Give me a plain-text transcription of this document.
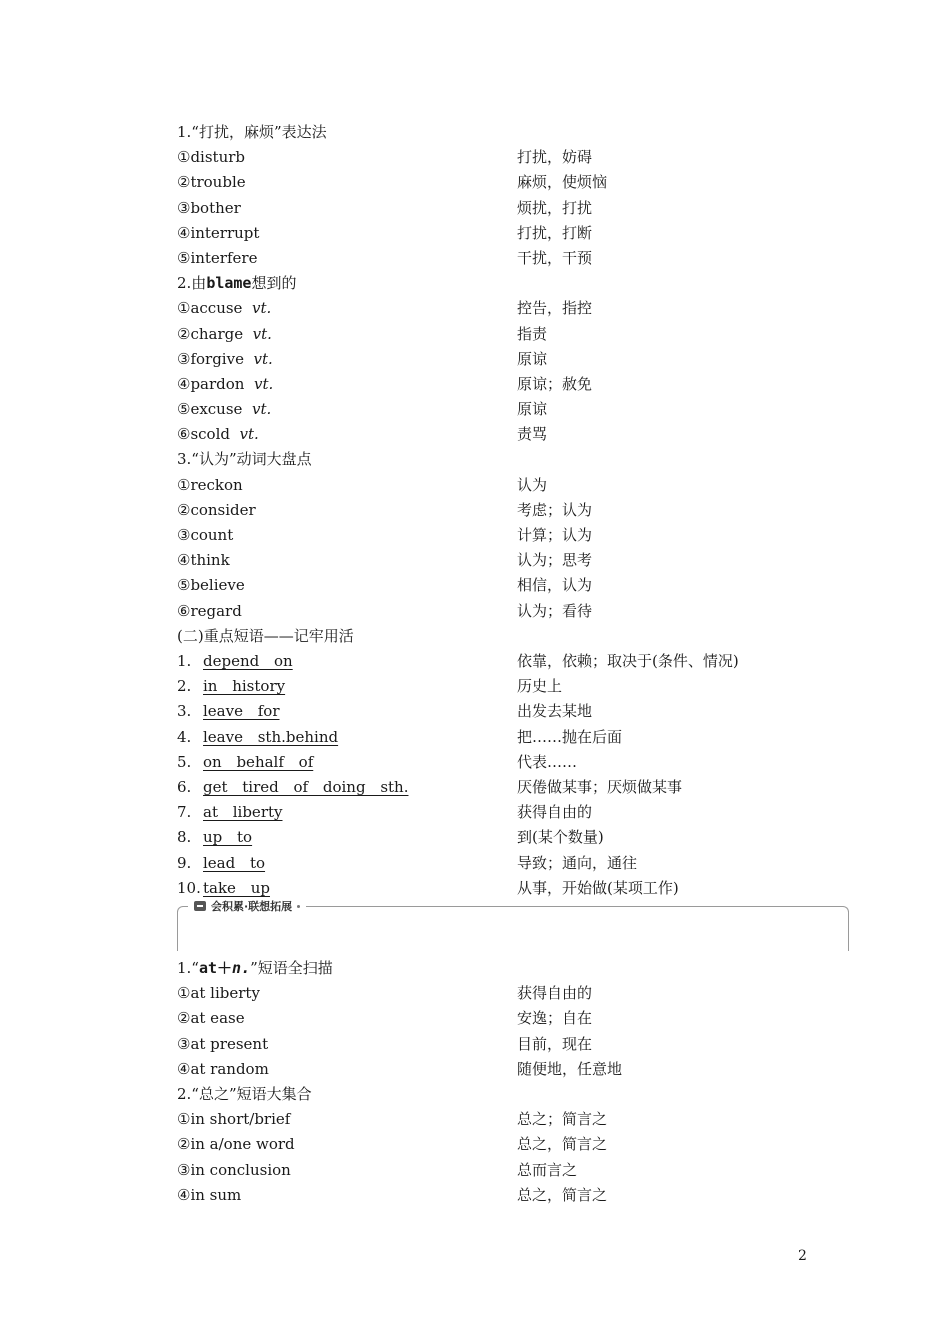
1.“打扰，麻烦”表达法
①disturb	打扰，妨碍
②trouble	麻烦，使烦恼
③bother	烦扰，打扰
④interrupt	打扰，打断
⑤interfere	干扰，干预
2.由blame想到的
①accuse vt.	控告，指控
②charge vt.	指责
③forgive vt.	原谅
④pardon vt.	原谅；赦免
⑤excuse vt.	原谅
⑥scold vt.	责骂
3.“认为”动词大盘点
①reckon	认为
②consider	考虑；认为
③count	计算；认为
④think	认为；思考
⑤believe	相信，认为
⑥regard	认为；看待
(二)重点短语——记牢用活
1. depend on	依靠，依赖；取决于(条件、情况)
2. in history	历史上
3. leave for	出发去某地
4. leave sth.behind	把……抛在后面
5. on behalf of	代表……
6. get tired of doing sth.	厌倦做某事；厌烦做某事
7. at liberty	获得自由的
8. up to	到(某个数量)
9. lead to	导致；通向，通往
10. take up	从事，开始做(某项工作)
会积累·联想拓展
1.“at＋n.”短语全扫描
①at liberty	获得自由的
②at ease	安逸；自在
③at present	目前，现在
④at random	随便地，任意地
2.“总之”短语大集合
①in short/brief	总之；简言之
②in a/one word	总之，简言之
③in conclusion	总而言之
④in sum	总之，简言之
2
